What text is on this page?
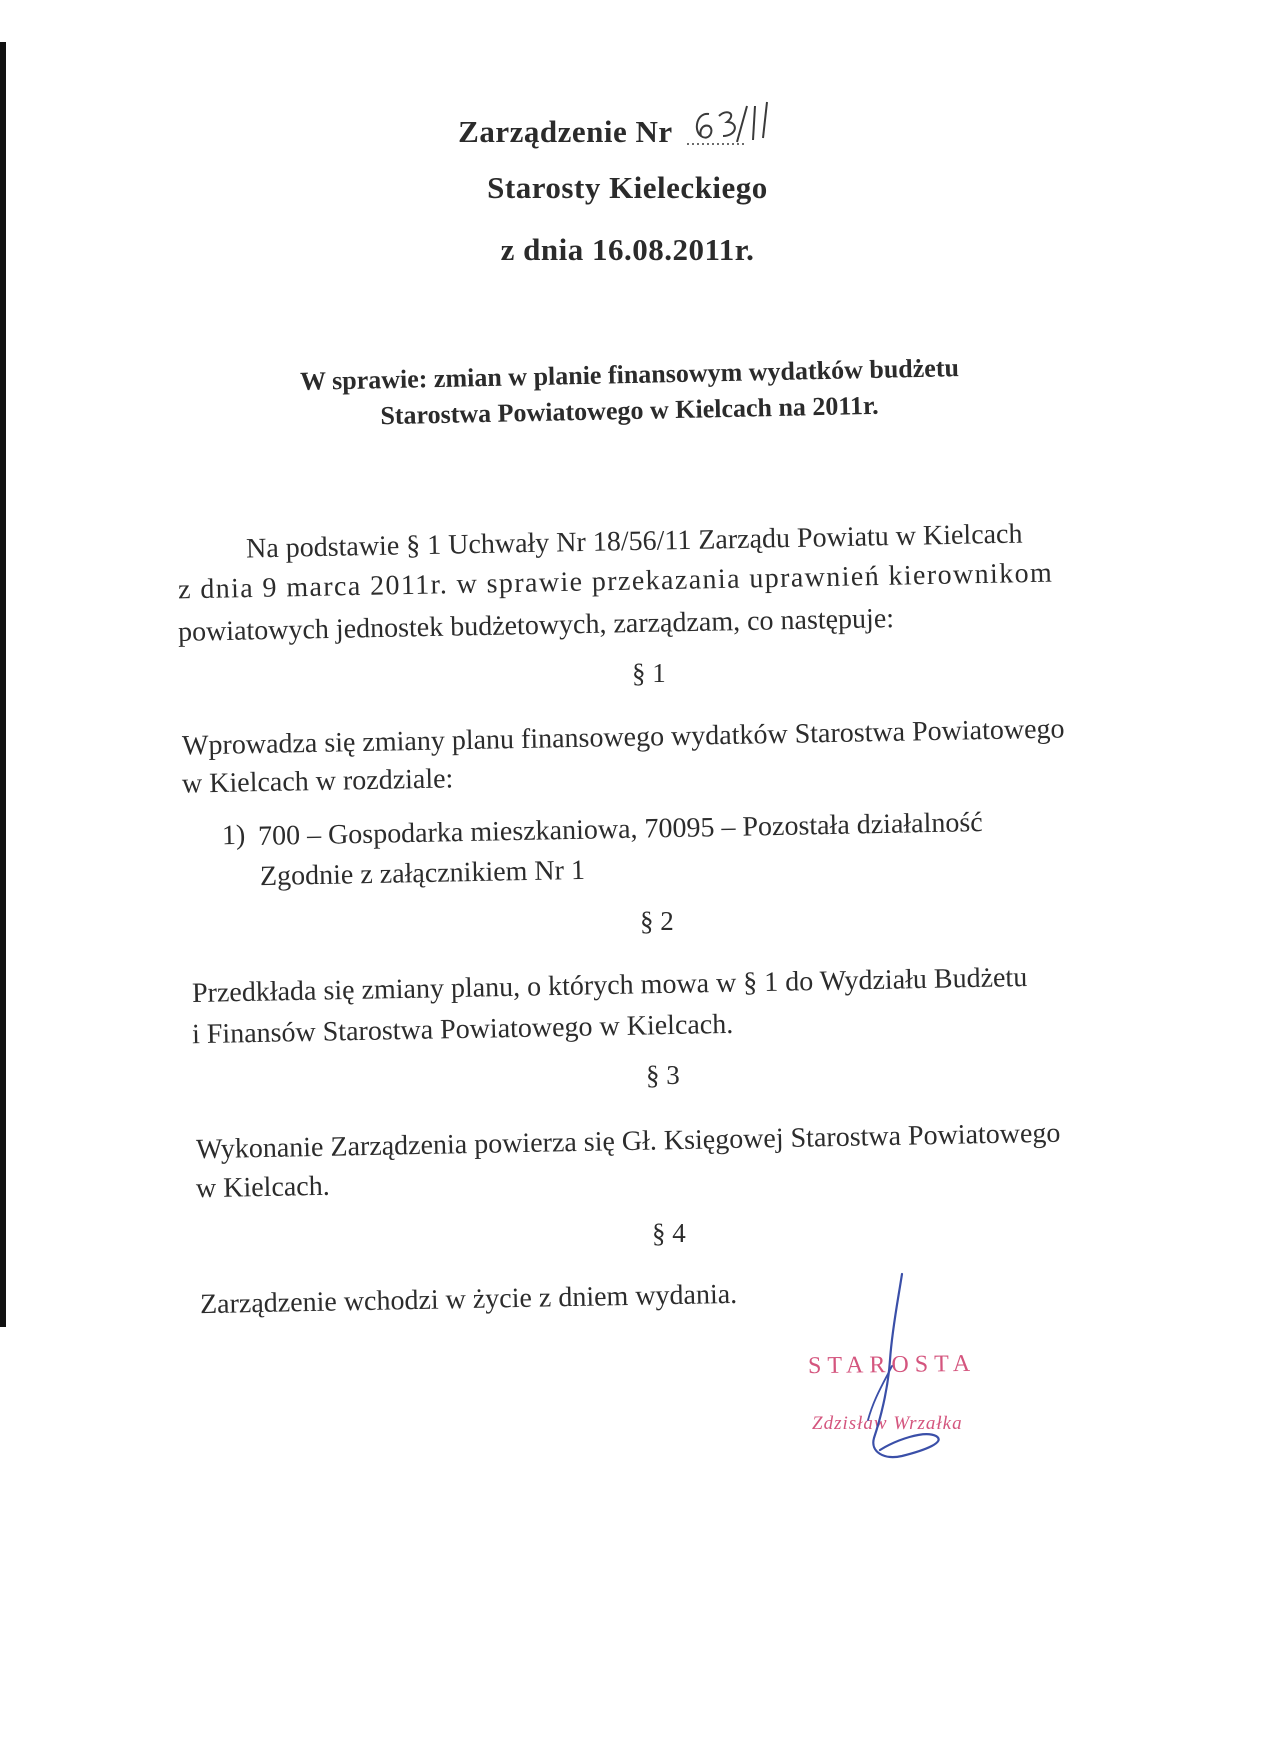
Zarządzenie Nr
Starosty Kieleckiego
z dnia 16.08.2011r.
W sprawie: zmian w planie finansowym wydatków budżetu
Starostwa Powiatowego w Kielcach na 2011r.
Na podstawie § 1 Uchwały Nr 18/56/11 Zarządu Powiatu w Kielcach
z dnia 9 marca 2011r. w sprawie przekazania uprawnień kierownikom
powiatowych jednostek budżetowych, zarządzam, co następuje:
§ 1
Wprowadza się zmiany planu finansowego wydatków Starostwa Powiatowego
w Kielcach w rozdziale:
1) 700 – Gospodarka mieszkaniowa, 70095 – Pozostała działalność
Zgodnie z załącznikiem Nr 1
§ 2
Przedkłada się zmiany planu, o których mowa w § 1 do Wydziału Budżetu
i Finansów Starostwa Powiatowego w Kielcach.
§ 3
Wykonanie Zarządzenia powierza się Gł. Księgowej Starostwa Powiatowego
w Kielcach.
§ 4
Zarządzenie wchodzi w życie z dniem wydania.
STAROSTA
Zdzisław Wrzałka
